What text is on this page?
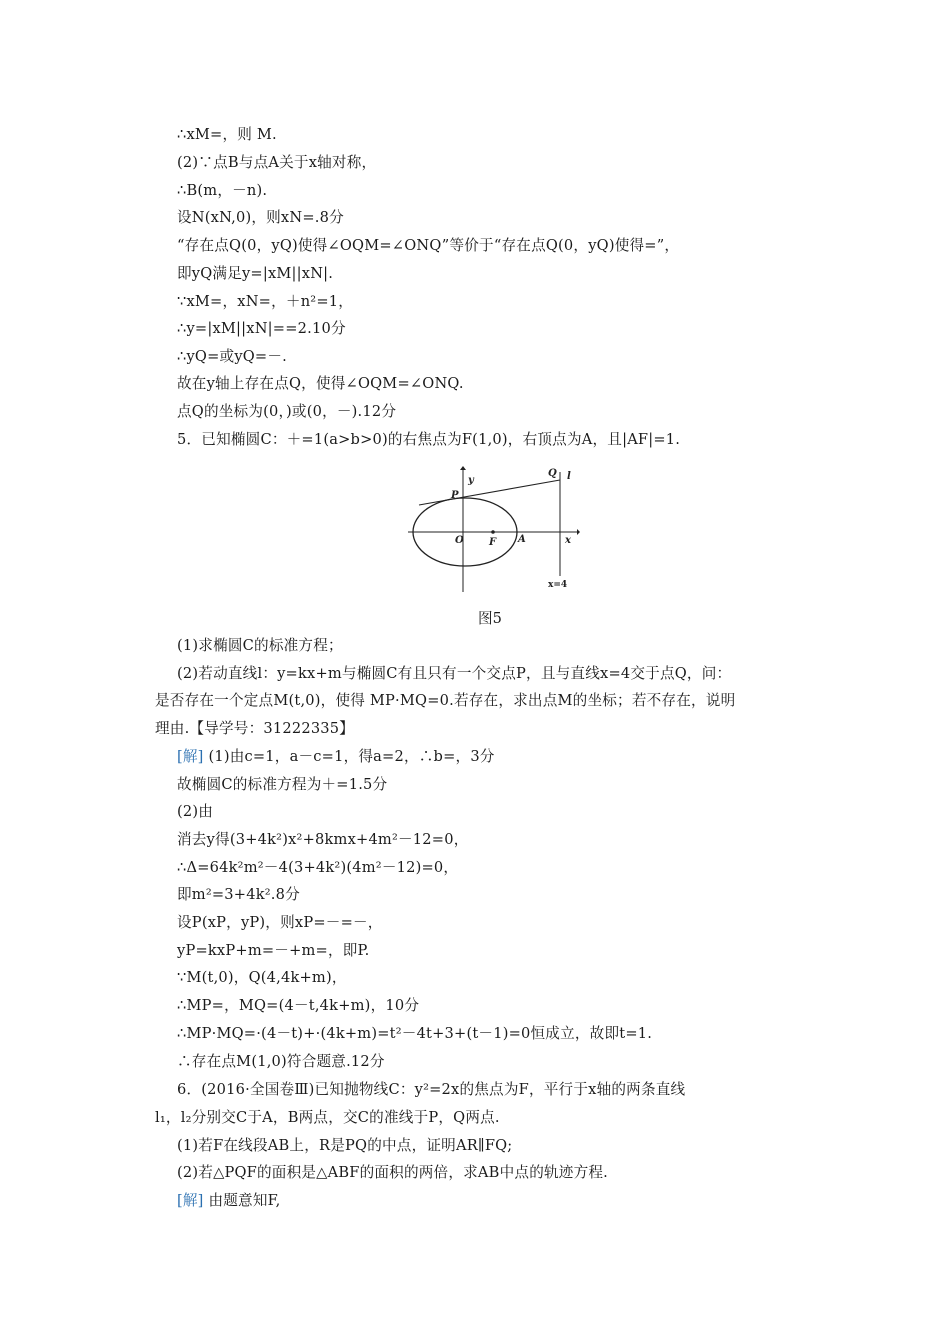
∴xM=，则 M.
(2)∵点B与点A关于x轴对称，
∴B(m，－n).
设N(xN,0)，则xN=.8分
“存在点Q(0，yQ)使得∠OQM=∠ONQ”等价于“存在点Q(0，yQ)使得=”，
即yQ满足y=|xM||xN|.
∵xM=，xN=，＋n²=1，
∴y=|xM||xN|==2.10分
∴yQ=或yQ=－.
故在y轴上存在点Q，使得∠OQM=∠ONQ.
点Q的坐标为(0，)或(0，－).12分
5．已知椭圆C：＋=1(a>b>0)的右焦点为F(1,0)，右顶点为A，且|AF|=1.
Q l
y
P
O	F A	x
x=4
图5
(1)求椭圆C的标准方程；
(2)若动直线l：y=kx+m与椭圆C有且只有一个交点P，且与直线x=4交于点Q，问：
是否存在一个定点M(t,0)，使得 MP·MQ=0.若存在，求出点M的坐标；若不存在，说明
理由.【导学号：31222335】
[解] (1)由c=1，a－c=1，得a=2，∴b=，3分
故椭圆C的标准方程为＋=1.5分
(2)由
消去y得(3+4k²)x²+8kmx+4m²－12=0，
∴Δ=64k²m²－4(3+4k²)(4m²－12)=0，
即m²=3+4k².8分
设P(xP，yP)，则xP=－=－，
yP=kxP+m=－+m=，即P.
∵M(t,0)，Q(4,4k+m)，
∴MP=，MQ=(4－t,4k+m)，10分
∴MP·MQ=·(4－t)+·(4k+m)=t²－4t+3+(t－1)=0恒成立，故即t=1.
∴存在点M(1,0)符合题意.12分
6．(2016·全国卷Ⅲ)已知抛物线C：y²=2x的焦点为F，平行于x轴的两条直线
l₁，l₂分别交C于A，B两点，交C的准线于P，Q两点.
(1)若F在线段AB上，R是PQ的中点，证明AR∥FQ;
(2)若△PQF的面积是△ABF的面积的两倍，求AB中点的轨迹方程.
[解] 由题意知F,
